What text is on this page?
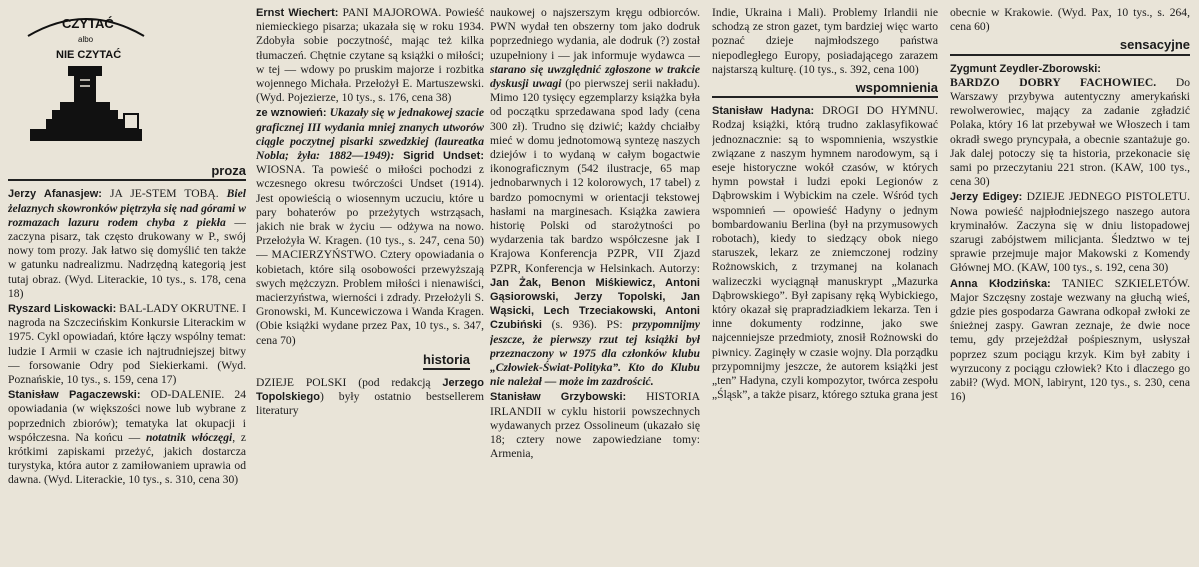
CZYTAĆ
albo
NIE CZYTAĆ
proza

Jerzy Afanasjew: JA JE-STEM TOBĄ. Biel żelaznych skowronków piętrzyła się nad górami w rozmazach lazuru rodem chyba z piekła — zaczyna pisarz, tak często drukowany w P., swój nowy tom prozy. Jak łatwo się domyślić ten także w gatunku nadrealizmu. Nadrzędną kategorią jest tutaj obraz. (Wyd. Literackie, 10 tys., s. 178, cena 18)

Ryszard Liskowacki: BAL-LADY OKRUTNE. I nagroda na Szczecińskim Konkursie Literackim w 1975. Cykl opowiadań, które łączy wspólny temat: ludzie I Armii w czasie ich najtrudniejszej bitwy — forsowanie Odry pod Siekierkami. (Wyd. Poznańskie, 10 tys., s. 159, cena 17)

Stanisław Pagaczewski: OD-DALENIE. 24 opowiadania (w większości nowe lub wybrane z poprzednich zbiorów); tematyka lat okupacji i współczesna. Na końcu — notatnik włóczęgi, z krótkimi zapiskami przeżyć, jakich dostarcza turystyka, która autor z zamiłowaniem uprawia od dawna. (Wyd. Literackie, 10 tys., s. 310, cena 30)

Ernst Wiechert: PANI MAJOROWA. Powieść niemieckiego pisarza; ukazała się w roku 1934. Zdobyła sobie poczytność, mając też kilka tłumaczeń. Chętnie czytane są książki o miłości; w tej — wdowy po pruskim majorze i rozbitka wojennego Michała. Przełożył E. Martuszewski. (Wyd. Pojezierze, 10 tys., s. 176, cena 38)

ze wznowień: Ukazały się w jednakowej szacie graficznej III wydania mniej znanych utworów ciągle poczytnej pisarki szwedzkiej (laureatka Nobla; żyła: 1882—1949): Sigrid Undset: WIOSNA. Ta powieść o miłości pochodzi z wczesnego okresu twórczości Undset (1914). Jest opowieścią o wiosennym uczuciu, które u pary bohaterów po przeżytych wstrząsach, jakich nie brak w życiu — odżywa na nowo. Przełożyła W. Kragen. (10 tys., s. 247, cena 50) — MACIERZYŃSTWO. Cztery opowiadania o kobietach, które silą osobowości przewyższają swych mężczyzn. Problem miłości i nienawiści, macierzyństwa, wierności i zdrady. Przełożyli S. Gronowski, M. Kuncewiczowa i Wanda Kragen. (Obie książki wydane przez Pax, 10 tys., s. 347, cena 70)

historia

DZIEJE POLSKI (pod redakcją Jerzego Topolskiego) były ostatnio bestsellerem literatury

naukowej o najszerszym kręgu odbiorców. PWN wydał ten obszerny tom jako dodruk poprzedniego wydania, ale dodruk (?) został uzupełniony i — jak informuje wydawca — starano się uwzględnić zgłoszone w trakcie dyskusji uwagi (po pierwszej serii nakładu). Mimo 120 tysięcy egzemplarzy książka była od początku sprzedawana spod lady (cena 300 zł). Trudno się dziwić; każdy chciałby mieć w domu jednotomową syntezę naszych dziejów i to wydaną w całym bogactwie ikonograficznym (542 ilustracje, 65 map jednobarwnych i 12 kolorowych, 17 tabel) z bardzo pomocnymi w orientacji tekstowej hasłami na marginesach. Książka zawiera historię Polski od starożytności po wydarzenia tak bardzo współczesne jak I Krajowa Konferencja PZPR, VII Zjazd PZPR, Konferencja w Helsinkach. Autorzy: Jan Żak, Benon Miśkiewicz, Antoni Gąsiorowski, Jerzy Topolski, Jan Wąsicki, Lech Trzeciakowski, Antoni Czubiński (s. 936). PS: przypomnijmy jeszcze, że pierwszy rzut tej książki był przeznaczony w 1975 dla członków klubu „Człowiek-Świat-Polityka”. Kto do Klubu nie należał — może im zazdrościć.

Stanisław Grzybowski: HISTORIA IRLANDII w cyklu historii powszechnych wydawanych przez Ossolineum (ukazało się 18; cztery nowe zapowiedziane tomy: Armenia,

Indie, Ukraina i Mali). Problemy Irlandii nie schodzą ze stron gazet, tym bardziej więc warto poznać dzieje najmłodszego państwa niepodległego Europy, posiadającego zarazem najstarszą kulturę. (10 tys., s. 392, cena 100)

wspomnienia

Stanisław Hadyna: DROGI DO HYMNU. Rodzaj książki, którą trudno zaklasyfikować jednoznacznie: są to wspomnienia, wszystkie związane z naszym hymnem narodowym, są i eseje historyczne wokół czasów, w których hymn powstał i ludzi epoki Legionów z Dąbrowskim i Wybickim na czele. Wśród tych wspomnień — opowieść Hadyny o jednym bombardowaniu Berlina (był na przymusowych robotach), kiedy to siedzący obok niego staruszek, lekarz ze zniemczonej rodziny Rożnowskich, z trzymanej na kolanach walizeczki wyciągnął manuskrypt „Mazurka Dąbrowskiego”. Był zapisany ręką Wybickiego, który okazał się prapradziadkiem lekarza. Ten i inne dokumenty rodzinne, jako swe najcenniejsze przedmioty, znosił Rożnowski do piwnicy. Zaginęły w czasie wojny. Dla porządku przypomnijmy jeszcze, że autorem książki jest „ten” Hadyna, czyli kompozytor, twórca zespołu „Śląsk”, a także pisarz, którego sztuka grana jest

obecnie w Krakowie. (Wyd. Pax, 10 tys., s. 264, cena 60)

sensacyjne

Zygmunt Zeydler-Zborowski:
BARDZO DOBRY FACHOWIEC. Do Warszawy przybywa autentyczny amerykański rewolwerowiec, mający za zadanie zgładzić Polaka, który 16 lat przebywał we Włoszech i tam okradł swego pryncypała, a obecnie szantażuje go. Jak dalej potoczy się ta historia, przekonacie się sami po przeczytaniu 221 stron. (KAW, 100 tys., cena 30)

Jerzy Edigey: DZIEJE JEDNEGO PISTOLETU. Nowa powieść najpłodniejszego naszego autora kryminałów. Zaczyna się w dniu listopadowej szarugi zabójstwem milicjanta. Śledztwo w tej sprawie przejmuje major Makowski z Komendy Głównej MO. (KAW, 100 tys., s. 192, cena 30)

Anna Kłodzińska: TANIEC SZKIELETÓW. Major Szczęsny zostaje wezwany na głuchą wieś, gdzie pies gospodarza Gawrana odkopał zwłoki ze śnieżnej zaspy. Gawran zeznaje, że dwie noce temu, gdy przejeżdżał pośpiesznym, usłyszał poprzez szum pociągu krzyk. Kim był zabity i wyrzucony z pociągu człowiek? Kto i dlaczego go zabił? (Wyd. MON, labirynt, 120 tys., s. 230, cena 16)
